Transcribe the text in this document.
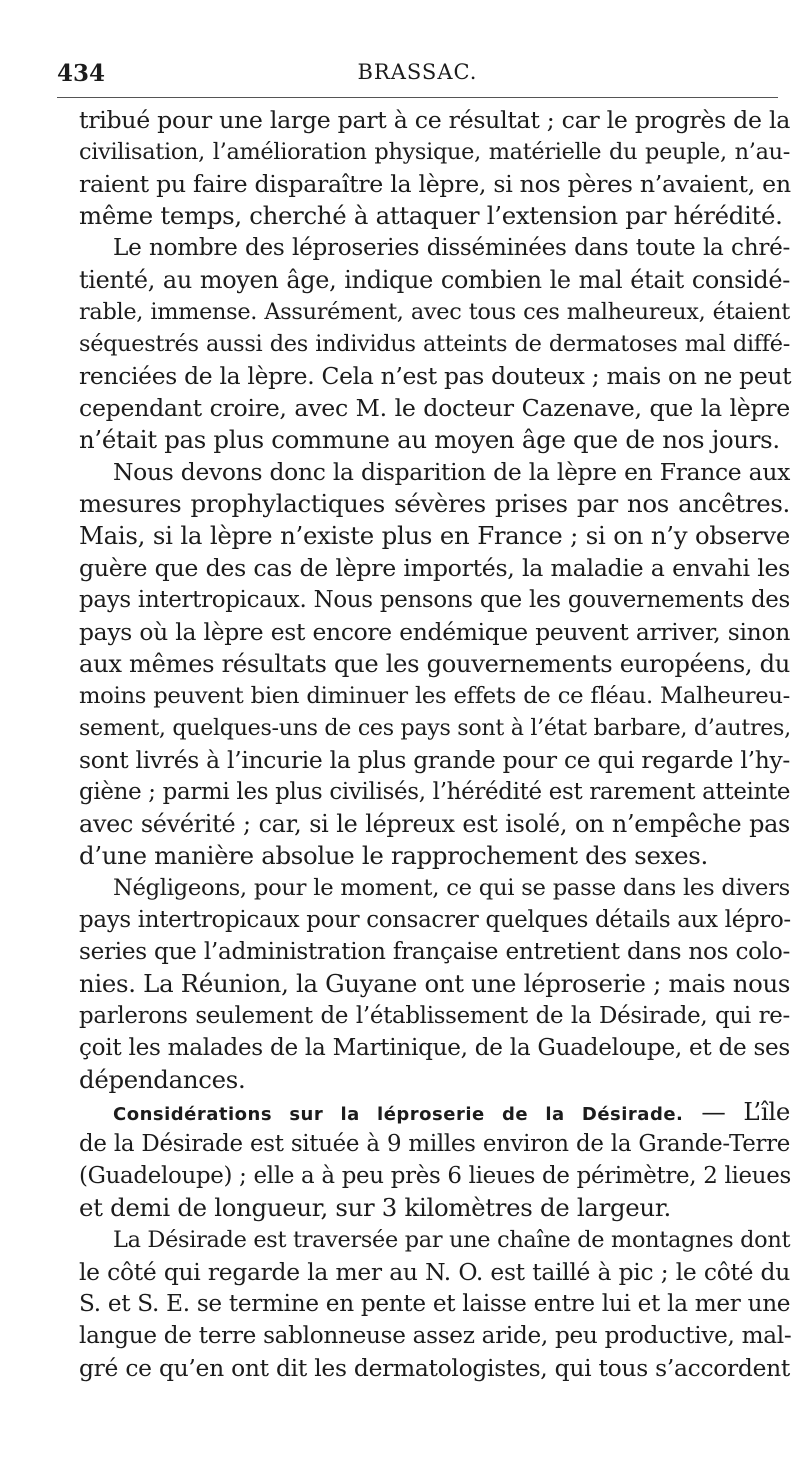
434	BRASSAC.
tribué pour une large part à ce résultat ; car le progrès de la
civilisation, l’amélioration physique, matérielle du peuple, n’au-
raient pu faire disparaître la lèpre, si nos pères n’avaient, en
même temps, cherché à attaquer l’extension par hérédité.
Le nombre des léproseries disséminées dans toute la chré-
tienté, au moyen âge, indique combien le mal était considé-
rable, immense. Assurément, avec tous ces malheureux, étaient
séquestrés aussi des individus atteints de dermatoses mal diffé-
renciées de la lèpre. Cela n’est pas douteux ; mais on ne peut
cependant croire, avec M. le docteur Cazenave, que la lèpre
n’était pas plus commune au moyen âge que de nos jours.
Nous devons donc la disparition de la lèpre en France aux
mesures prophylactiques sévères prises par nos ancêtres.
Mais, si la lèpre n’existe plus en France ; si on n’y observe
guère que des cas de lèpre importés, la maladie a envahi les
pays intertropicaux. Nous pensons que les gouvernements des
pays où la lèpre est encore endémique peuvent arriver, sinon
aux mêmes résultats que les gouvernements européens, du
moins peuvent bien diminuer les effets de ce fléau. Malheureu-
sement, quelques-uns de ces pays sont à l’état barbare, d’autres,
sont livrés à l’incurie la plus grande pour ce qui regarde l’hy-
giène ; parmi les plus civilisés, l’hérédité est rarement atteinte
avec sévérité ; car, si le lépreux est isolé, on n’empêche pas
d’une manière absolue le rapprochement des sexes.
Négligeons, pour le moment, ce qui se passe dans les divers
pays intertropicaux pour consacrer quelques détails aux lépro-
series que l’administration française entretient dans nos colo-
nies. La Réunion, la Guyane ont une léproserie ; mais nous
parlerons seulement de l’établissement de la Désirade, qui re-
çoit les malades de la Martinique, de la Guadeloupe, et de ses
dépendances.
Considérations sur la léproserie de la Désirade. — L’île
de la Désirade est située à 9 milles environ de la Grande-Terre
(Guadeloupe) ; elle a à peu près 6 lieues de périmètre, 2 lieues
et demi de longueur, sur 3 kilomètres de largeur.
La Désirade est traversée par une chaîne de montagnes dont
le côté qui regarde la mer au N. O. est taillé à pic ; le côté du
S. et S. E. se termine en pente et laisse entre lui et la mer une
langue de terre sablonneuse assez aride, peu productive, mal-
gré ce qu’en ont dit les dermatologistes, qui tous s’accordent
